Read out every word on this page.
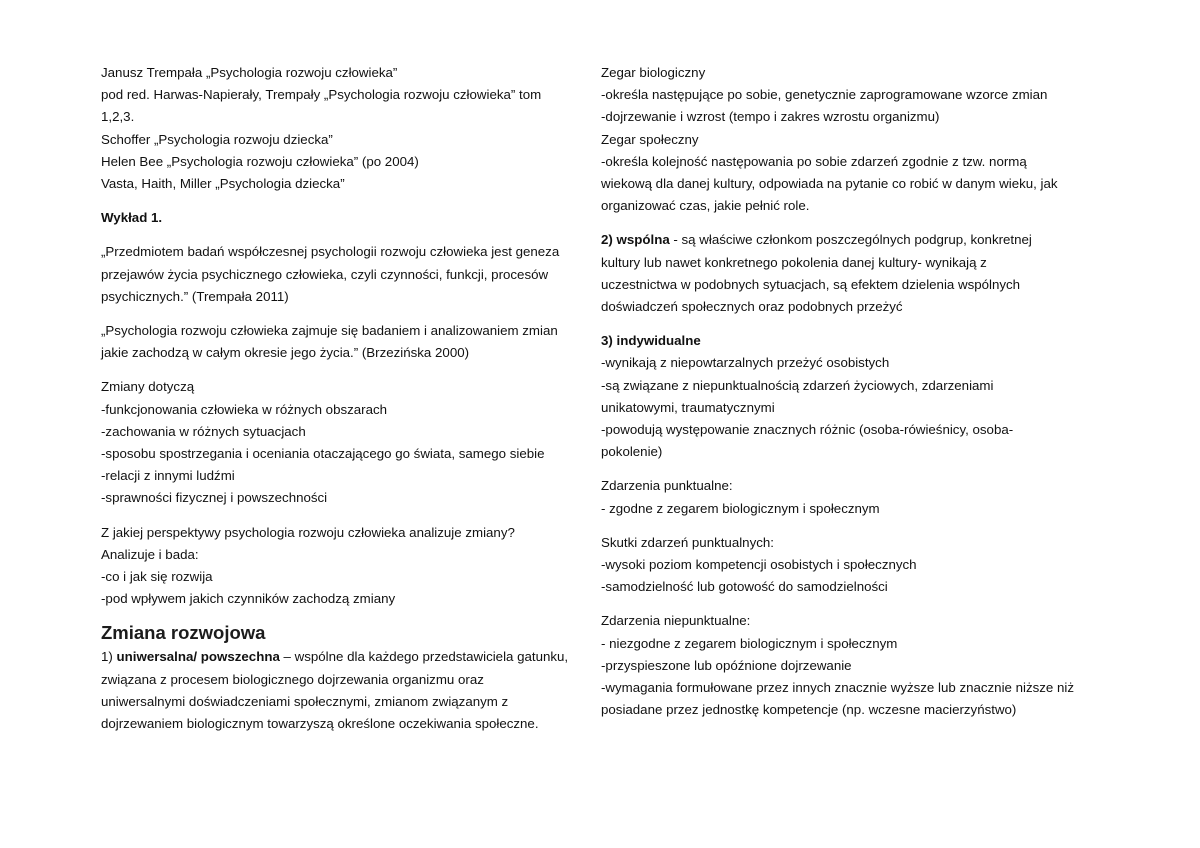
Janusz Trempała „Psychologia rozwoju człowieka”
pod red. Harwas-Napierały, Trempały „Psychologia rozwoju człowieka” tom
1,2,3.
Schoffer „Psychologia rozwoju dziecka”
Helen Bee „Psychologia rozwoju człowieka” (po 2004)
Vasta, Haith, Miller „Psychologia dziecka”
Wykład 1.
„Przedmiotem badań współczesnej psychologii rozwoju człowieka jest geneza
przejawów życia psychicznego człowieka, czyli czynności, funkcji, procesów
psychicznych.” (Trempała 2011)
„Psychologia rozwoju człowieka zajmuje się badaniem i analizowaniem zmian
jakie zachodzą w całym okresie jego życia.” (Brzezińska 2000)
Zmiany dotyczą
-funkcjonowania człowieka w różnych obszarach
-zachowania w różnych sytuacjach
-sposobu spostrzegania i oceniania otaczającego go świata, samego siebie
-relacji z innymi ludźmi
-sprawności fizycznej i powszechności
Z jakiej perspektywy psychologia rozwoju człowieka analizuje zmiany?
Analizuje i bada:
-co i jak się rozwija
-pod wpływem jakich czynników zachodzą zmiany
Zmiana rozwojowa
1) uniwersalna/ powszechna – wspólne dla każdego przedstawiciela gatunku,
związana z procesem biologicznego dojrzewania organizmu oraz
uniwersalnymi doświadczeniami społecznymi, zmianom związanym z
dojrzewaniem biologicznym towarzyszą określone oczekiwania społeczne.
Zegar biologiczny
-określa następujące po sobie, genetycznie zaprogramowane wzorce zmian
-dojrzewanie i wzrost (tempo i zakres wzrostu organizmu)
Zegar społeczny
-określa kolejność następowania po sobie zdarzeń zgodnie z tzw. normą
wiekową dla danej kultury, odpowiada na pytanie co robić w danym wieku, jak
organizować czas, jakie pełnić role.
2) wspólna - są właściwe członkom poszczególnych podgrup, konkretnej
kultury lub nawet konkretnego pokolenia danej kultury- wynikają z
uczestnictwa w podobnych sytuacjach, są efektem dzielenia wspólnych
doświadczeń społecznych oraz podobnych przeżyć
3) indywidualne
-wynikają z niepowtarzalnych przeżyć osobistych
-są związane z niepunktualnością zdarzeń życiowych, zdarzeniami
unikatowymi, traumatycznymi
-powodują występowanie znacznych różnic (osoba-rówieśnicy, osoba-
pokolenie)
Zdarzenia punktualne:
- zgodne z zegarem biologicznym i społecznym
Skutki zdarzeń punktualnych:
-wysoki poziom kompetencji osobistych i społecznych
-samodzielność lub gotowość do samodzielności
Zdarzenia niepunktualne:
- niezgodne z zegarem biologicznym i społecznym
-przyspieszone lub opóźnione dojrzewanie
-wymagania formułowane przez innych znacznie wyższe lub znacznie niższe niż
posiadane przez jednostkę kompetencje (np. wczesne macierzyństwo)
